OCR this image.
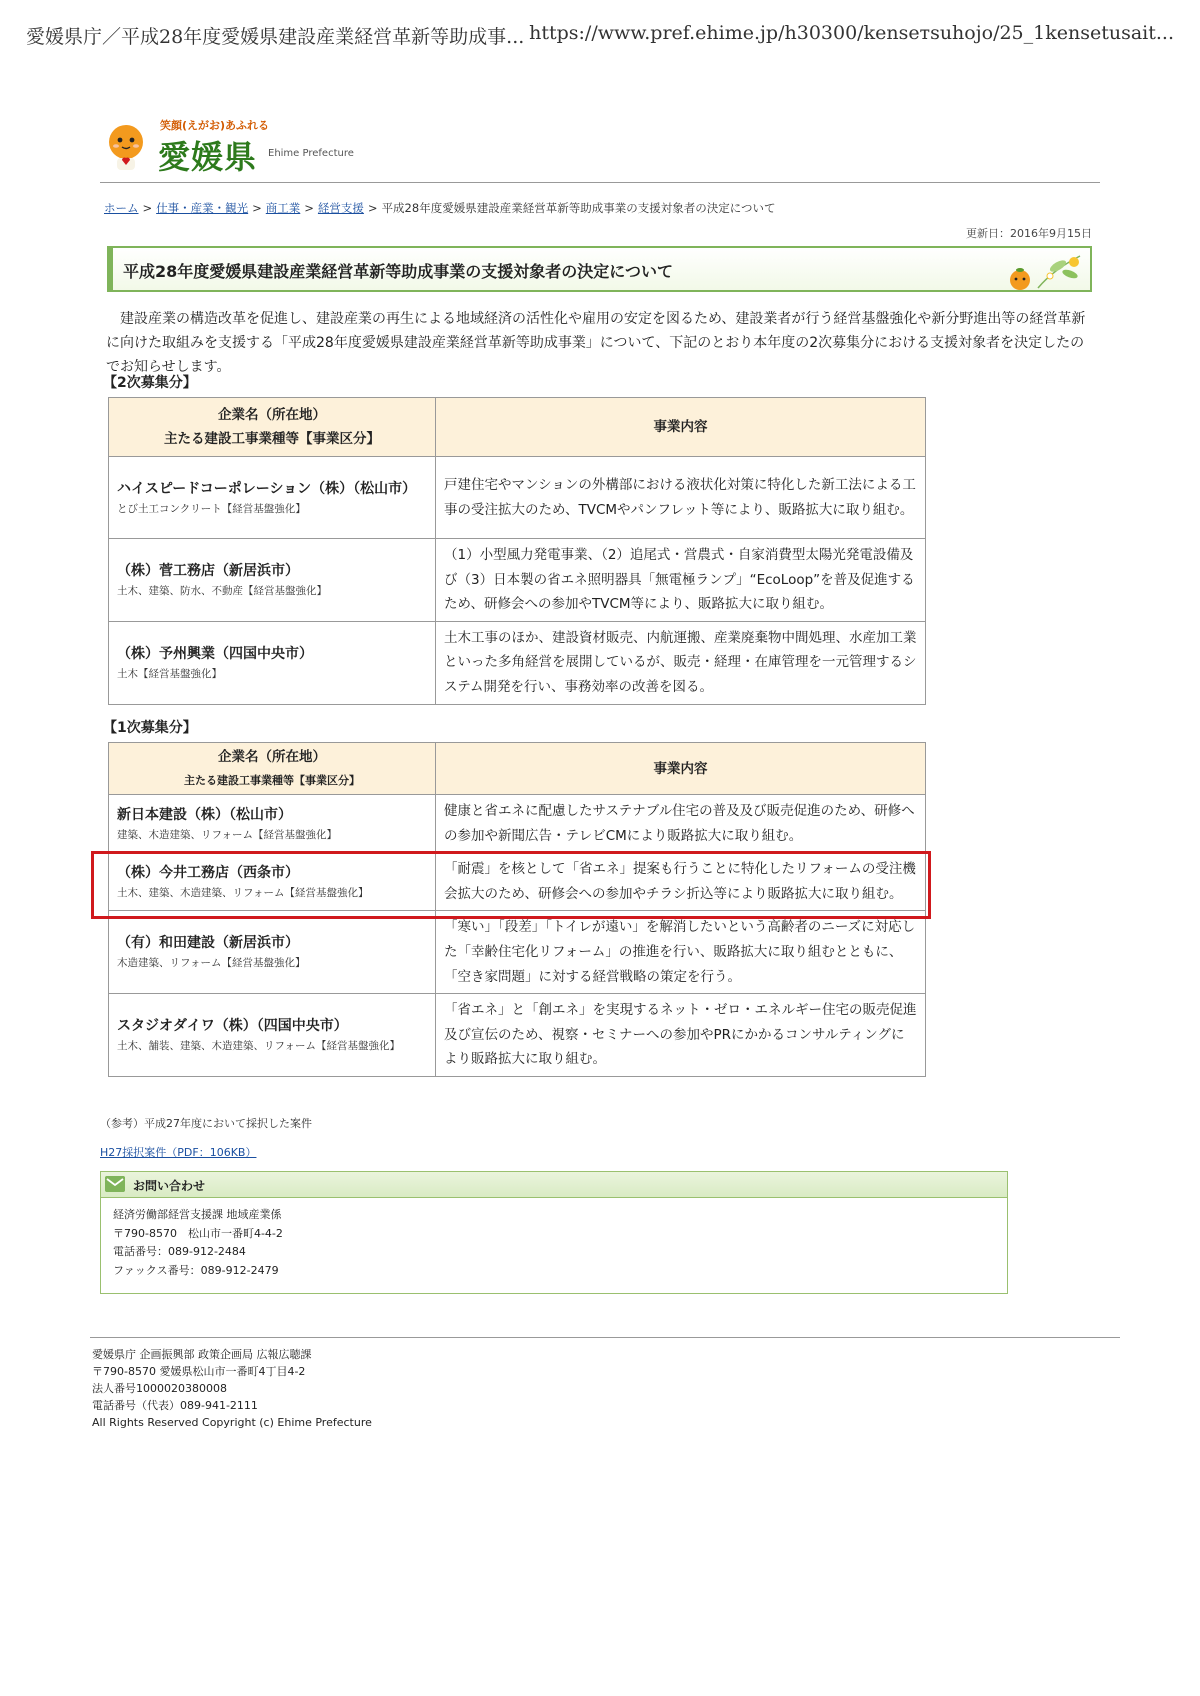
愛媛県庁／平成28年度愛媛県建設産業経営革新等助成事... https://www.pref.ehime.jp/h30300/kenseтsuhojo/25_1kensetusait...
笑顔(えがお)あふれる
愛媛県 Ehime Prefecture
ホーム > 仕事・産業・観光 > 商工業 > 経営支援 > 平成28年度愛媛県建設産業経営革新等助成事業の支援対象者の決定について
更新日：2016年9月15日
平成28年度愛媛県建設産業経営革新等助成事業の支援対象者の決定について

建設産業の構造改革を促進し、建設産業の再生による地域経済の活性化や雇用の安定を図るため、建設業者が行う経営基盤強化や新分野進出等の経営革新に向けた取組みを支援する「平成28年度愛媛県建設産業経営革新等助成事業」について、下記のとおり本年度の2次募集分における支援対象者を決定したのでお知らせします。

【2次募集分】
企業名（所在地）
主たる建設工事業種等【事業区分】	事業内容

ハイスピードコーポレーション（株）（松山市）
とび土工コンクリート【経営基盤強化】	戸建住宅やマンションの外構部における液状化対策に特化した新工法による工事の受注拡大のため、TVCMやパンフレット等により、販路拡大に取り組む。

（株）菅工務店（新居浜市）
土木、建築、防水、不動産【経営基盤強化】	（1）小型風力発電事業、（2）追尾式・営農式・自家消費型太陽光発電設備及び（3）日本製の省エネ照明器具「無電極ランプ」“EcoLoop”を普及促進するため、研修会への参加やTVCM等により、販路拡大に取り組む。

（株）予州興業（四国中央市）
土木【経営基盤強化】	土木工事のほか、建設資材販売、内航運搬、産業廃棄物中間処理、水産加工業といった多角経営を展開しているが、販売・経理・在庫管理を一元管理するシステム開発を行い、事務効率の改善を図る。
【1次募集分】
企業名（所在地）
主たる建設工事業種等【事業区分】	事業内容

新日本建設（株）（松山市）
建築、木造建築、リフォーム【経営基盤強化】	健康と省エネに配慮したサステナブル住宅の普及及び販売促進のため、研修への参加や新聞広告・テレビCMにより販路拡大に取り組む。

（株）今井工務店（西条市）
土木、建築、木造建築、リフォーム【経営基盤強化】	「耐震」を核として「省エネ」提案も行うことに特化したリフォームの受注機会拡大のため、研修会への参加やチラシ折込等により販路拡大に取り組む。

（有）和田建設（新居浜市）
木造建築、リフォーム【経営基盤強化】	「寒い」「段差」「トイレが遠い」を解消したいという高齢者のニーズに対応した「幸齢住宅化リフォーム」の推進を行い、販路拡大に取り組むとともに、「空き家問題」に対する経営戦略の策定を行う。

スタジオダイワ（株）（四国中央市）
土木、舗装、建築、木造建築、リフォーム【経営基盤強化】	「省エネ」と「創エネ」を実現するネット・ゼロ・エネルギー住宅の販売促進及び宣伝のため、視察・セミナーへの参加やPRにかかるコンサルティングにより販路拡大に取り組む。
（参考）平成27年度において採択した案件
H27採択案件（PDF：106KB）
お問い合わせ
経済労働部経営支援課 地域産業係
〒790-8570　松山市一番町4-4-2
電話番号：089-912-2484
ファックス番号：089-912-2479
愛媛県庁 企画振興部 政策企画局 広報広聴課
〒790-8570 愛媛県松山市一番町4丁目4-2
法人番号1000020380008
電話番号（代表）089-941-2111
All Rights Reserved Copyright (c) Ehime Prefecture
